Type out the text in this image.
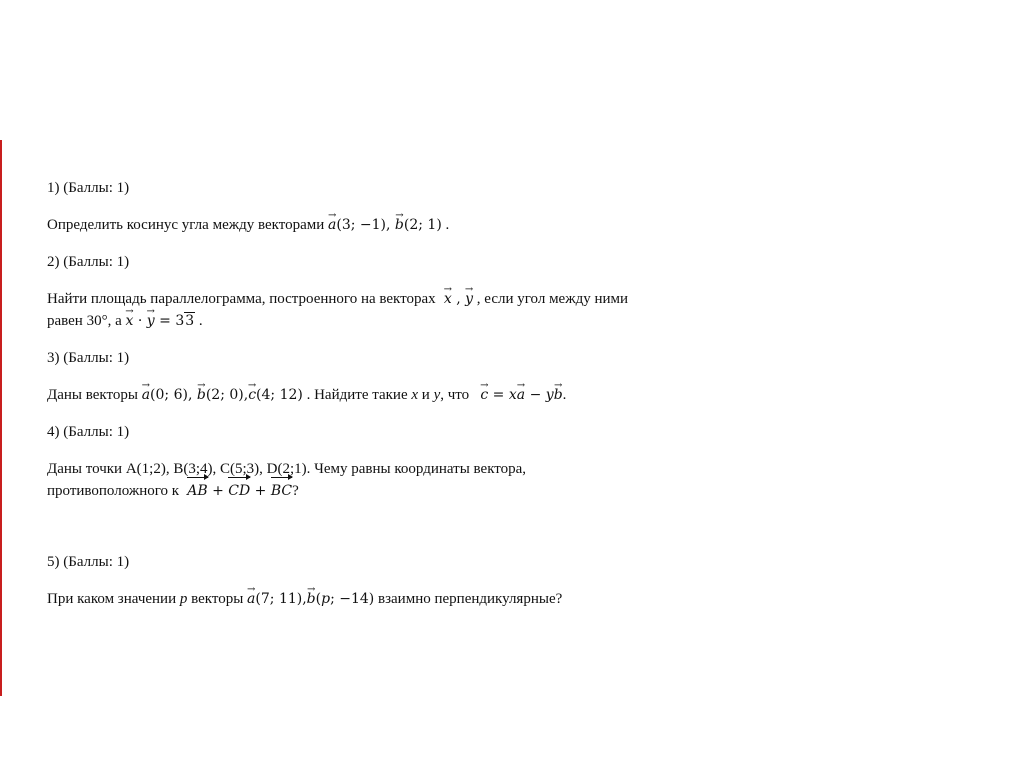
1) (Баллы: 1)

Определить косинус угла между векторами → a(3; −1), → b(2; 1) .

2) (Баллы: 1)

Найти площадь параллелограмма, построенного на векторах → x , → y , если угол между ними

равен 30°, а → x · → y = 33 .

3) (Баллы: 1)

Даны векторы → a(0; 6), → b(2; 0),→ c(4; 12) . Найдите такие x и y, что → c = x→ a − y→ b.

4) (Баллы: 1)

Даны точки A(1;2), B(3;4), C(5;3), D(2;1). Чему равны координаты вектора,

противоположного к AB +
CD +
BC?

5) (Баллы: 1)

При каком значении p векторы → a(7; 11),→ b(p; −14) взаимно перпендикулярные?
